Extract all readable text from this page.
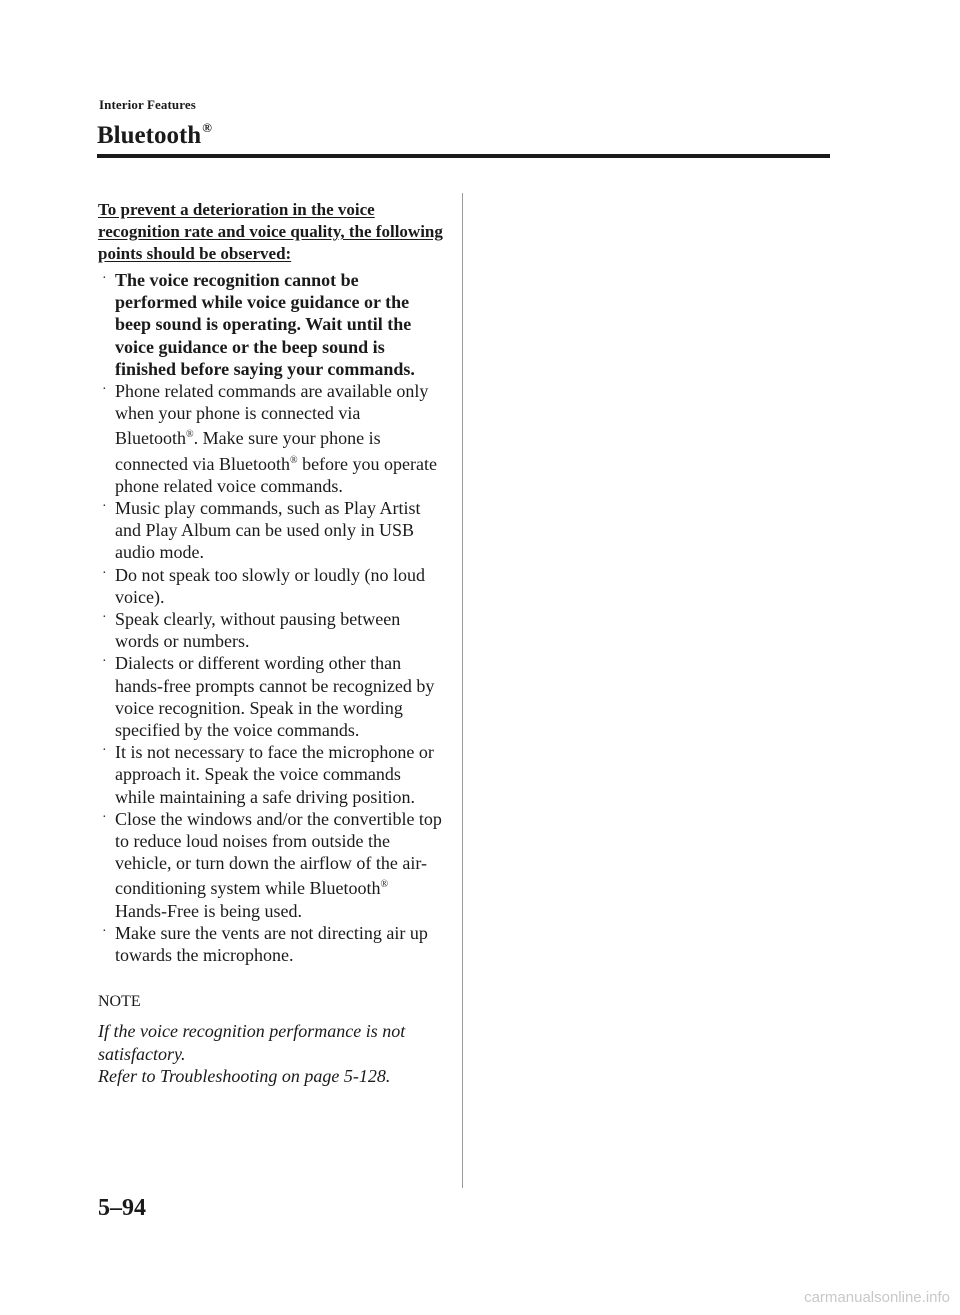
Interior Features
Bluetooth®

To prevent a deterioration in the voice recognition rate and voice quality, the following points should be observed:

· The voice recognition cannot be performed while voice guidance or the beep sound is operating. Wait until the voice guidance or the beep sound is finished before saying your commands.
· Phone related commands are available only when your phone is connected via Bluetooth®. Make sure your phone is connected via Bluetooth® before you operate phone related voice commands.
· Music play commands, such as Play Artist and Play Album can be used only in USB audio mode.
· Do not speak too slowly or loudly (no loud voice).
· Speak clearly, without pausing between words or numbers.
· Dialects or different wording other than hands-free prompts cannot be recognized by voice recognition. Speak in the wording specified by the voice commands.
· It is not necessary to face the microphone or approach it. Speak the voice commands while maintaining a safe driving position.
· Close the windows and/or the convertible top to reduce loud noises from outside the vehicle, or turn down the airflow of the air-conditioning system while Bluetooth® Hands-Free is being used.
· Make sure the vents are not directing air up towards the microphone.

NOTE

If the voice recognition performance is not satisfactory.
Refer to Troubleshooting on page 5-128.

5–94
carmanualsonline.info
